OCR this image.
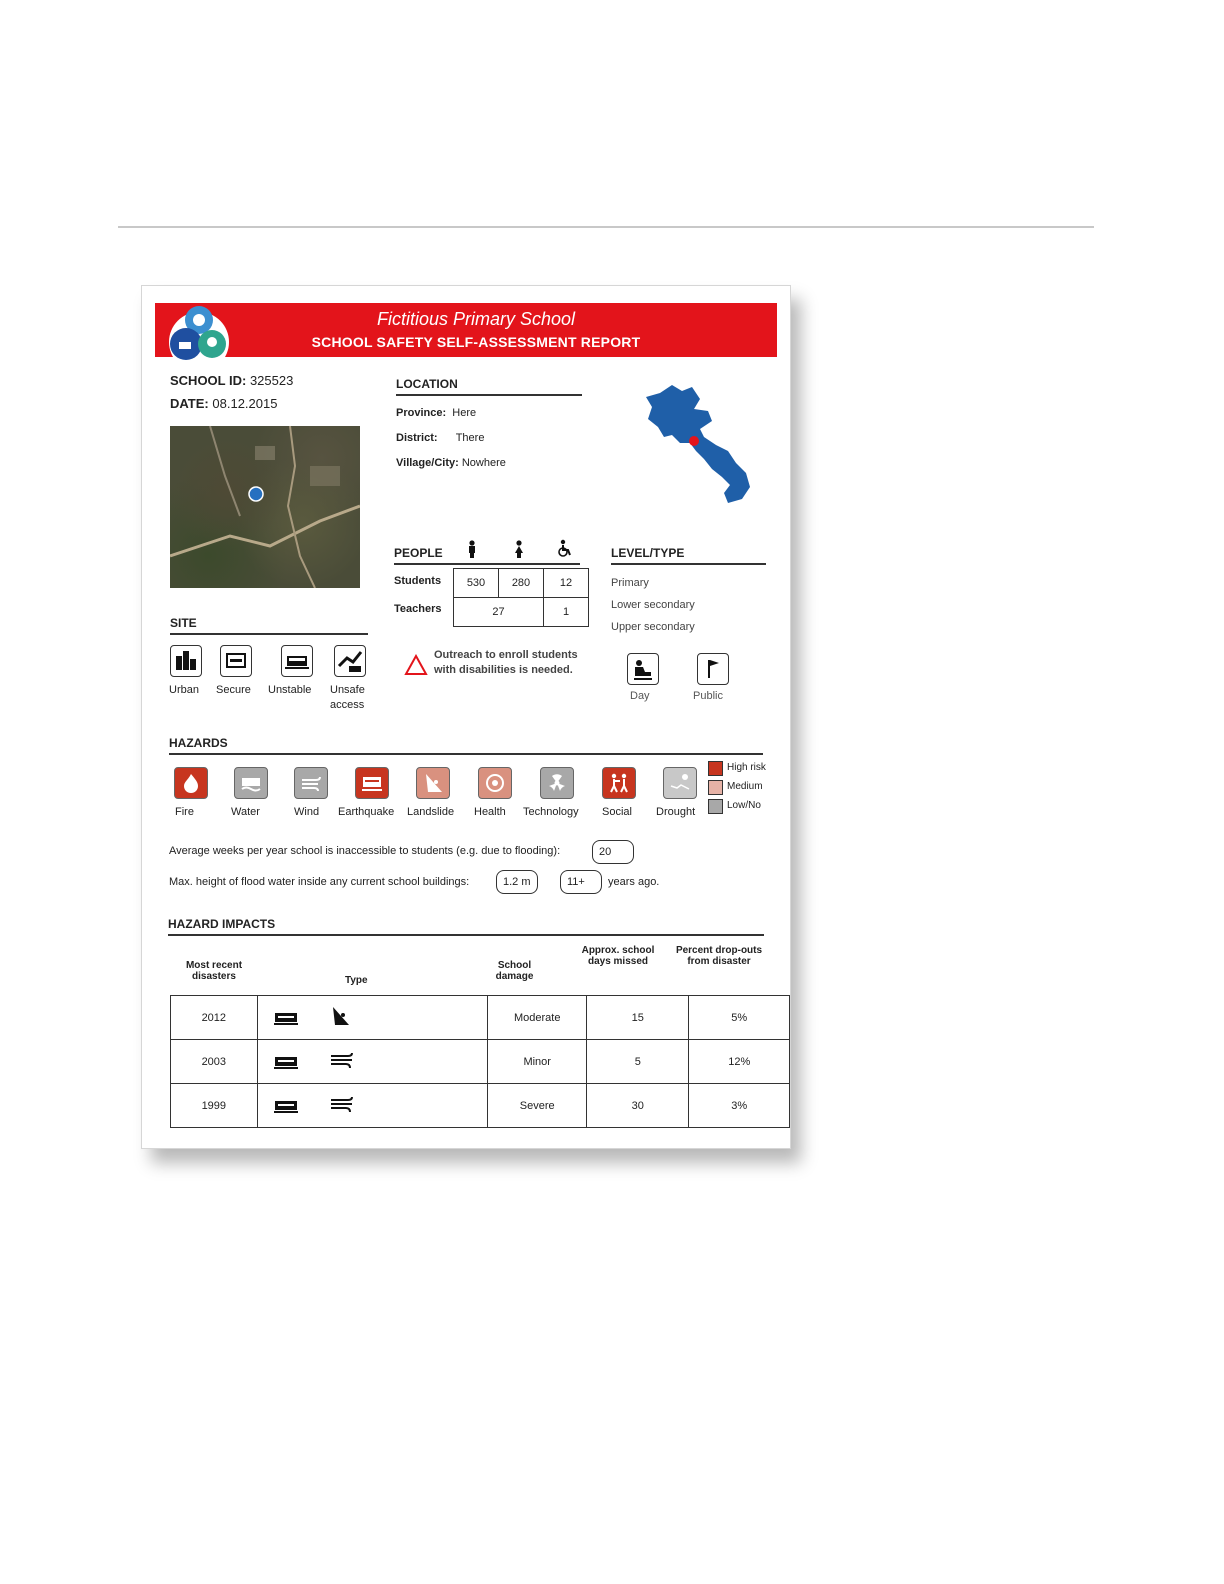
Fictitious Primary School
SCHOOL SAFETY SELF-ASSESSMENT REPORT
SCHOOL ID: 325523
DATE: 08.12.2015
LOCATION
Province: Here
District: There
Village/City: Nowhere
PEOPLE
Students
Teachers
530	280	12
27		1
Outreach to enroll students
with disabilities is needed.
LEVEL/TYPE
Primary
Lower secondary
Upper secondary
Day	Public
SITE
Urban Secure Unstable Unsafe
access
HAZARDS
Fire	Water	Wind Earthquake Landslide Health Technology Social Drought
High risk
Medium
Low/No
Average weeks per year school is inaccessible to students (e.g. due to flooding):	20
Max. height of flood water inside any current school buildings:	1.2 m	11+	years ago.
HAZARD IMPACTS
Most recent disasters	Type
School damage
Approx. school days missed
Percent drop-outs from disaster
2012		Moderate	15	5%
2003		Minor	5	12%
1999		Severe	30	3%
